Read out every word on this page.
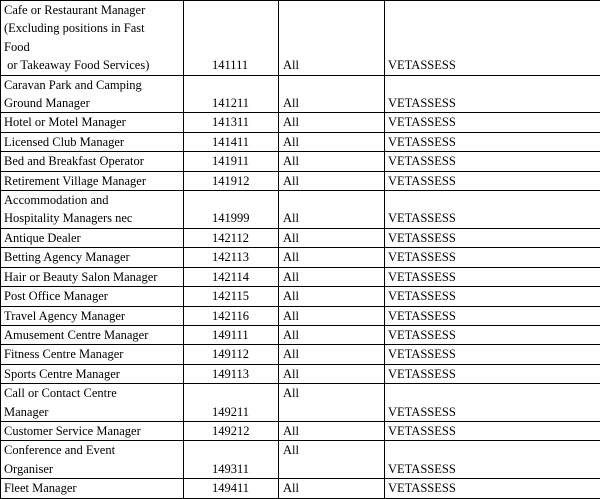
Cafe or Restaurant Manager
(Excluding positions in Fast
Food
or Takeaway Food Services)	141111	All	VETASSESS
Caravan Park and Camping
Ground Manager	141211	All	VETASSESS
Hotel or Motel Manager	141311	All	VETASSESS
Licensed Club Manager	141411	All	VETASSESS
Bed and Breakfast Operator	141911	All	VETASSESS
Retirement Village Manager	141912	All	VETASSESS
Accommodation and
Hospitality Managers nec	141999	All	VETASSESS
Antique Dealer	142112	All	VETASSESS
Betting Agency Manager	142113	All	VETASSESS
Hair or Beauty Salon Manager	142114	All	VETASSESS
Post Office Manager	142115	All	VETASSESS
Travel Agency Manager	142116	All	VETASSESS
Amusement Centre Manager	149111	All	VETASSESS
Fitness Centre Manager	149112	All	VETASSESS
Sports Centre Manager	149113	All	VETASSESS
Call or Contact Centre
Manager	149211	All	VETASSESS
Customer Service Manager	149212	All	VETASSESS
Conference and Event
Organiser	149311	All	VETASSESS
Fleet Manager	149411	All	VETASSESS
